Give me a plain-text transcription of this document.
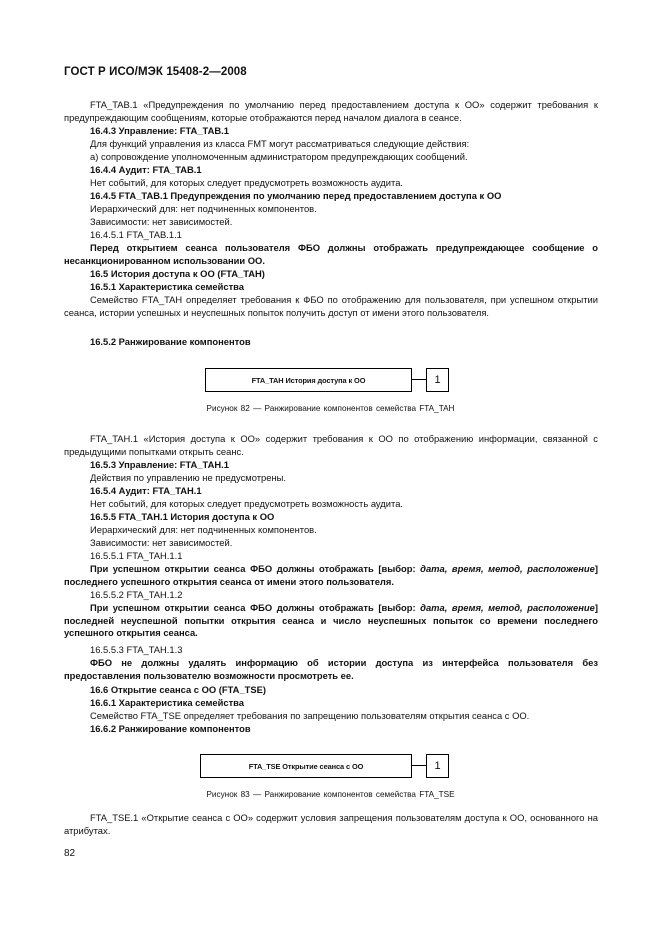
ГОСТ Р ИСО/МЭК 15408-2—2008

FTA_TAB.1 «Предупреждения по умолчанию перед предоставлением доступа к ОО» содержит требования к предупреждающим сообщениям, которые отображаются перед началом диалога в сеансе.

16.4.3 Управление: FTA_TAB.1

Для функций управления из класса FMT могут рассматриваться следующие действия:

а) сопровождение уполномоченным администратором предупреждающих сообщений.

16.4.4 Аудит: FTA_TAB.1

Нет событий, для которых следует предусмотреть возможность аудита.

16.4.5 FTA_TAB.1 Предупреждения по умолчанию перед предоставлением доступа к ОО

Иерархический для: нет подчиненных компонентов.

Зависимости: нет зависимостей.

16.4.5.1 FTA_TAB.1.1

Перед открытием сеанса пользователя ФБО должны отображать предупреждающее сообщение о несанкционированном использовании ОО.

16.5 История доступа к ОО (FTA_TAH)

16.5.1 Характеристика семейства

Семейство FTA_TAH определяет требования к ФБО по отображению для пользователя, при успешном открытии сеанса, истории успешных и неуспешных попыток получить доступ от имени этого пользователя.

16.5.2 Ранжирование компонентов

FTA_TAH История доступа к ОО	1
Рисунок 82 — Ранжирование компонентов семейства FTA_TAH

FTA_TAH.1 «История доступа к ОО» содержит требования к ОО по отображению информации, связанной с предыдущими попытками открыть сеанс.

16.5.3 Управление: FTA_TAH.1

Действия по управлению не предусмотрены.

16.5.4 Аудит: FTA_TAH.1

Нет событий, для которых следует предусмотреть возможность аудита.

16.5.5 FTA_TAH.1 История доступа к ОО

Иерархический для: нет подчиненных компонентов.

Зависимости: нет зависимостей.

16.5.5.1 FTA_TAH.1.1

При успешном открытии сеанса ФБО должны отображать [выбор: дата, время, метод, расположение] последнего успешного открытия сеанса от имени этого пользователя.

16.5.5.2 FTA_TAH.1.2

При успешном открытии сеанса ФБО должны отображать [выбор: дата, время, метод, расположение] последней неуспешной попытки открытия сеанса и число неуспешных попыток со времени последнего успешного открытия сеанса.

16.5.5.3 FTA_TAH.1.3

ФБО не должны удалять информацию об истории доступа из интерфейса пользователя без предоставления пользователю возможности просмотреть ее.

16.6 Открытие сеанса с ОО (FTA_TSE)

16.6.1 Характеристика семейства

Семейство FTA_TSE определяет требования по запрещению пользователям открытия сеанса с ОО.

16.6.2 Ранжирование компонентов

FTA_TSE Открытие сеанса с ОО	1
Рисунок 83 — Ранжирование компонентов семейства FTA_TSE

FTA_TSE.1 «Открытие сеанса с ОО» содержит условия запрещения пользователям доступа к ОО, основанного на атрибутах.

82
